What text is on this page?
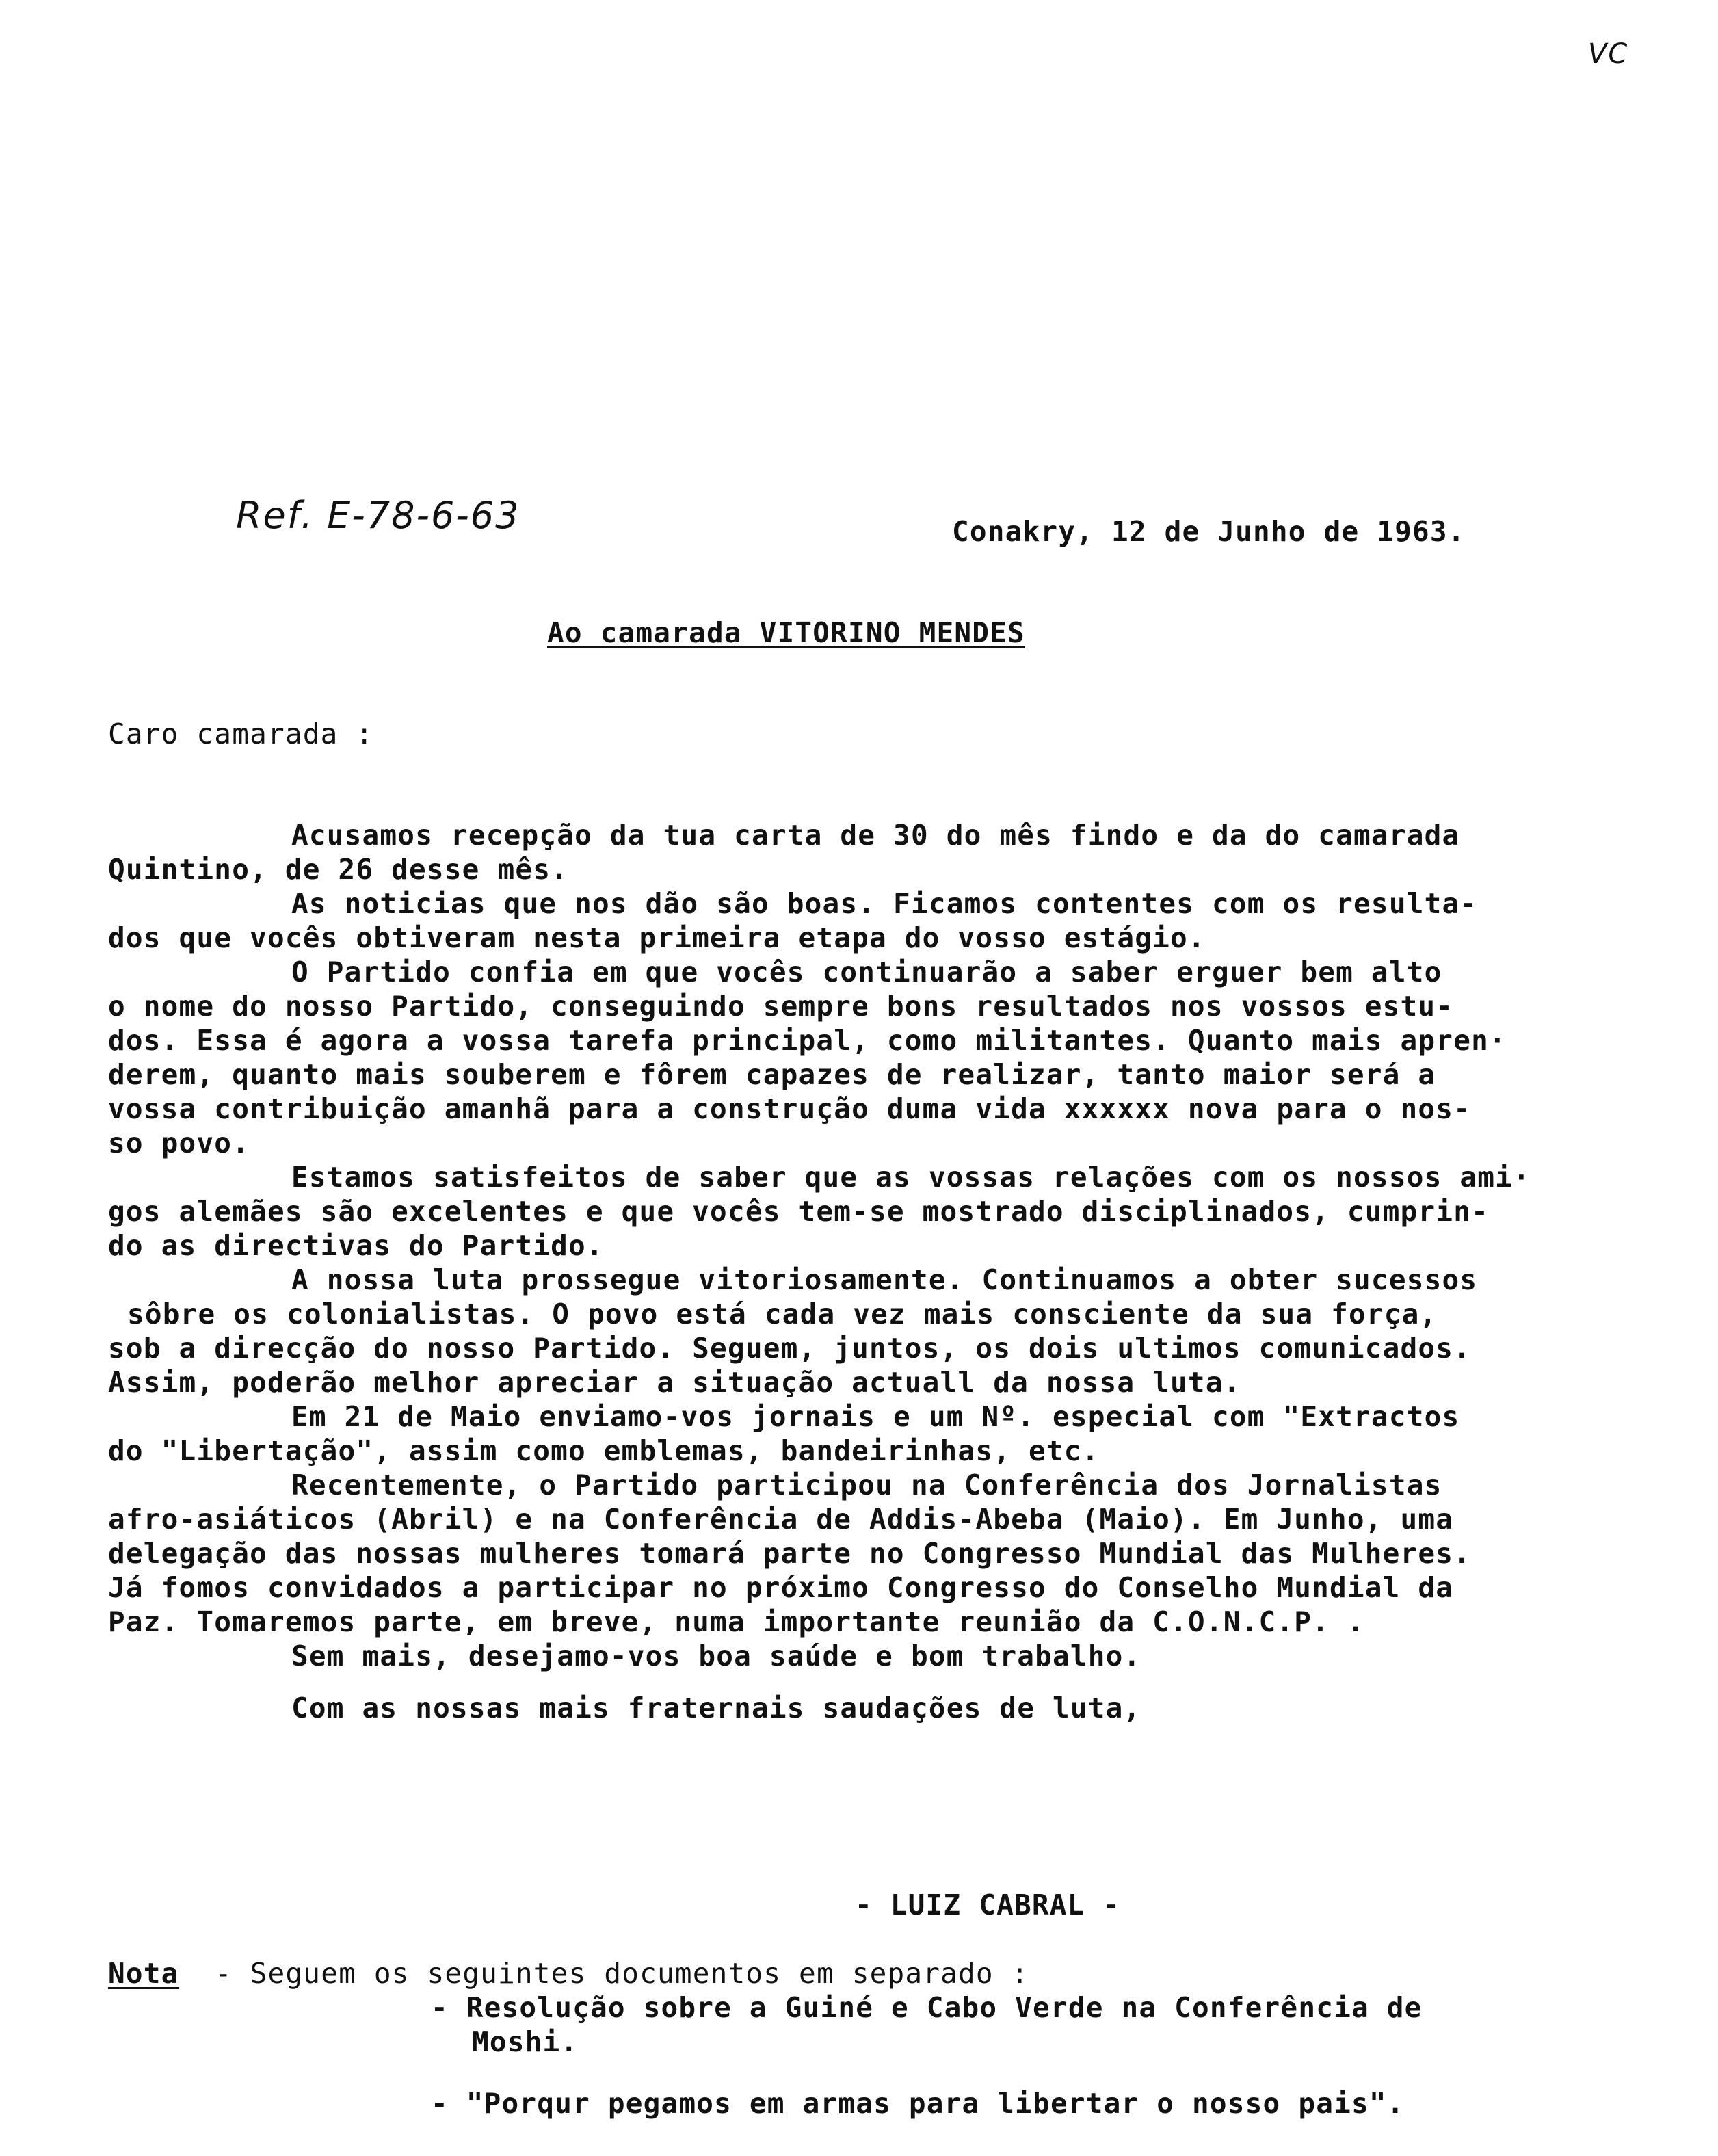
VC
Ref. E-78-6-63	Conakry, 12 de Junho de 1963.
Ao camarada VITORINO MENDES
Caro camarada :
Acusamos recepção da tua carta de 30 do mês findo e da do camarada
Quintino, de 26 desse mês.
As noticias que nos dão são boas. Ficamos contentes com os resulta-
dos que vocês obtiveram nesta primeira etapa do vosso estágio.
O Partido confia em que vocês continuarão a saber erguer bem alto
o nome do nosso Partido, conseguindo sempre bons resultados nos vossos estu-
dos. Essa é agora a vossa tarefa principal, como militantes. Quanto mais apren·
derem, quanto mais souberem e fôrem capazes de realizar, tanto maior será a
vossa contribuição amanhã para a construção duma vida xxxxxx nova para o nos-
so povo.
Estamos satisfeitos de saber que as vossas relações com os nossos ami·
gos alemães são excelentes e que vocês tem-se mostrado disciplinados, cumprin-
do as directivas do Partido.
A nossa luta prossegue vitoriosamente. Continuamos a obter sucessos
sôbre os colonialistas. O povo está cada vez mais consciente da sua força,
sob a direcção do nosso Partido. Seguem, juntos, os dois ultimos comunicados.
Assim, poderão melhor apreciar a situação actuall da nossa luta.
Em 21 de Maio enviamo-vos jornais e um Nº. especial com "Extractos
do "Libertação", assim como emblemas, bandeirinhas, etc.
Recentemente, o Partido participou na Conferência dos Jornalistas
afro-asiáticos (Abril) e na Conferência de Addis-Abeba (Maio). Em Junho, uma
delegação das nossas mulheres tomará parte no Congresso Mundial das Mulheres.
Já fomos convidados a participar no próximo Congresso do Conselho Mundial da
Paz. Tomaremos parte, em breve, numa importante reunião da C.O.N.C.P. .
Sem mais, desejamo-vos boa saúde e bom trabalho.
Com as nossas mais fraternais saudações de luta,
- LUIZ CABRAL -
Nota - Seguem os seguintes documentos em separado :
- Resolução sobre a Guiné e Cabo Verde na Conferência de
Moshi.
- "Porqur pegamos em armas para libertar o nosso pais".
